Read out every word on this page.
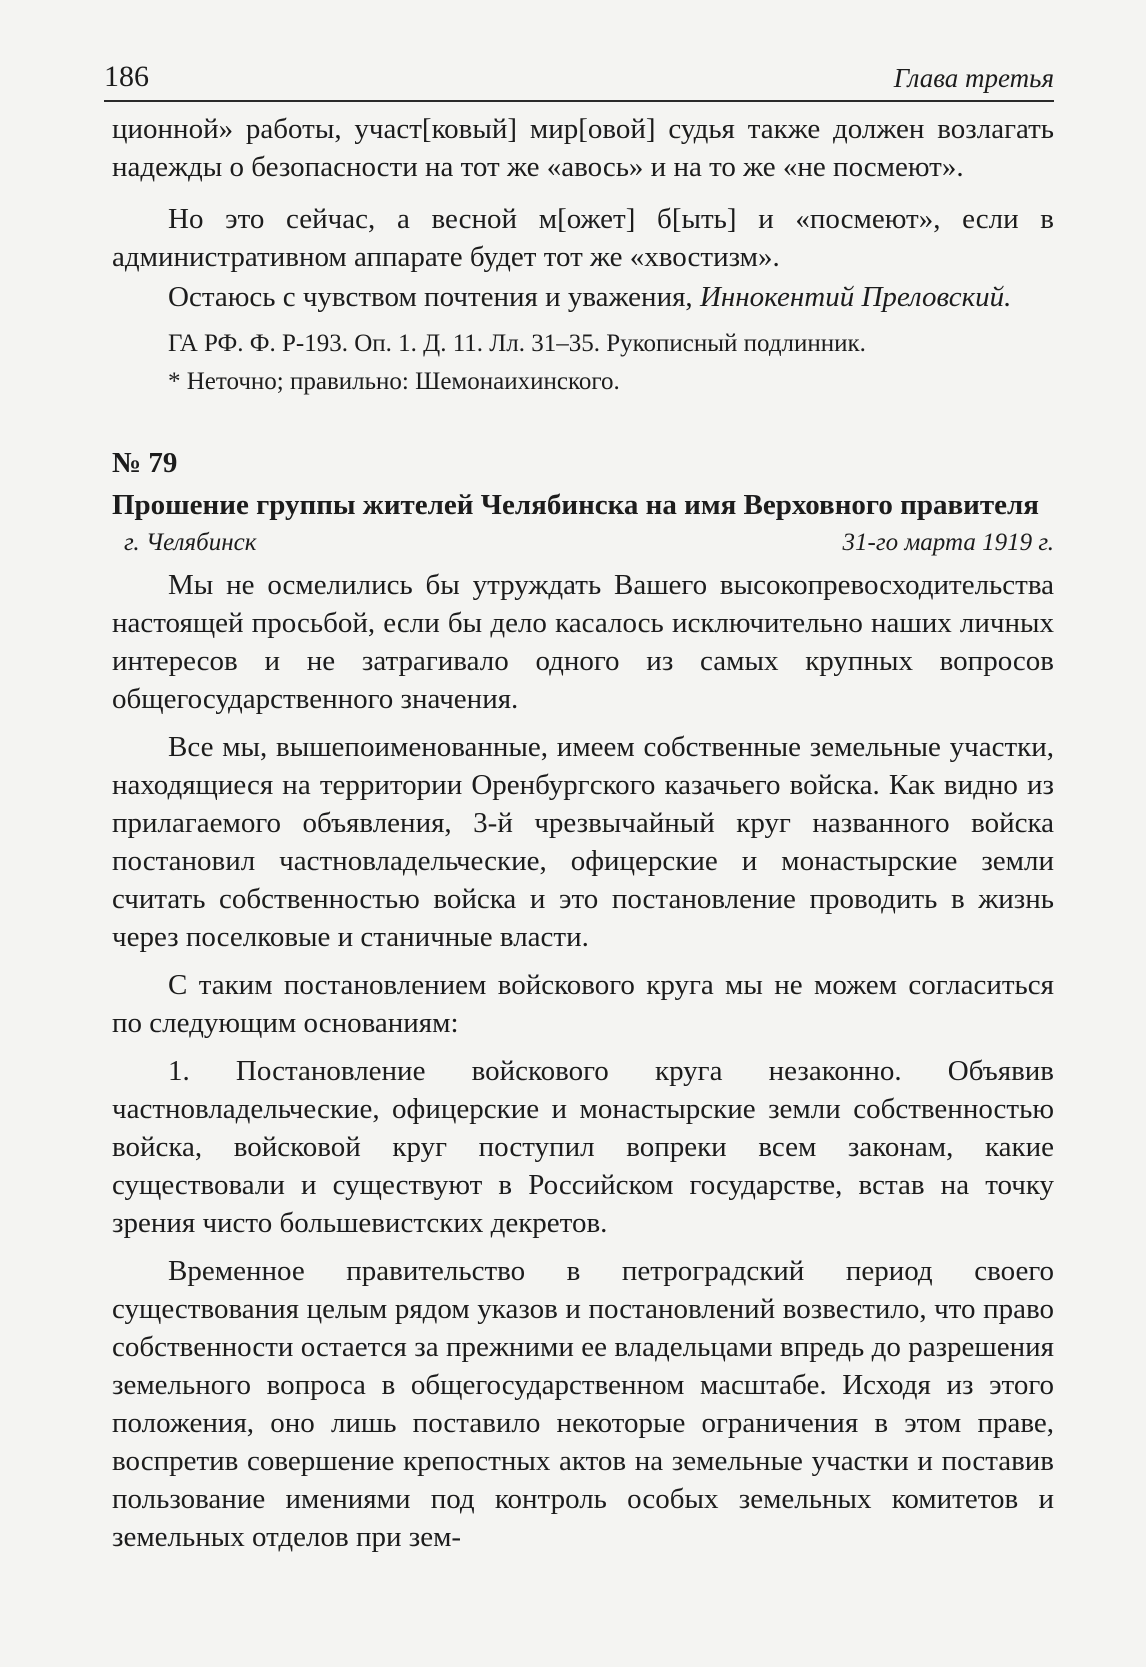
186	Глава третья

ционной» работы, участ[ковый] мир[овой] судья также должен возлагать надежды о безопасности на тот же «авось» и на то же «не посмеют».

Но это сейчас, а весной м[ожет] б[ыть] и «посмеют», если в административном аппарате будет тот же «хвостизм».

Остаюсь с чувством почтения и уважения, Иннокентий Преловский.

ГА РФ. Ф. Р-193. Оп. 1. Д. 11. Лл. 31–35. Рукописный подлинник.

* Неточно; правильно: Шемонаихинского.

№ 79
Прошение группы жителей Челябинска на имя Верховного правителя
г. Челябинск	31-го марта 1919 г.

Мы не осмелились бы утруждать Вашего высокопревосходительства настоящей просьбой, если бы дело касалось исключительно наших личных интересов и не затрагивало одного из самых крупных вопросов общегосударственного значения.

Все мы, вышепоименованные, имеем собственные земельные участки, находящиеся на территории Оренбургского казачьего войска. Как видно из прилагаемого объявления, 3-й чрезвычайный круг названного войска постановил частновладельческие, офицерские и монастырские земли считать собственностью войска и это постановление проводить в жизнь через поселковые и станичные власти.

С таким постановлением войскового круга мы не можем согласиться по следующим основаниям:

1. Постановление войскового круга незаконно. Объявив частновладельческие, офицерские и монастырские земли собственностью войска, войсковой круг поступил вопреки всем законам, какие существовали и существуют в Российском государстве, встав на точку зрения чисто большевистских декретов.

Временное правительство в петроградский период своего существования целым рядом указов и постановлений возвестило, что право собственности остается за прежними ее владельцами впредь до разрешения земельного вопроса в общегосударственном масштабе. Исходя из этого положения, оно лишь поставило некоторые ограничения в этом праве, воспретив совершение крепостных актов на земельные участки и поставив пользование имениями под контроль особых земельных комитетов и земельных отделов при зем-
